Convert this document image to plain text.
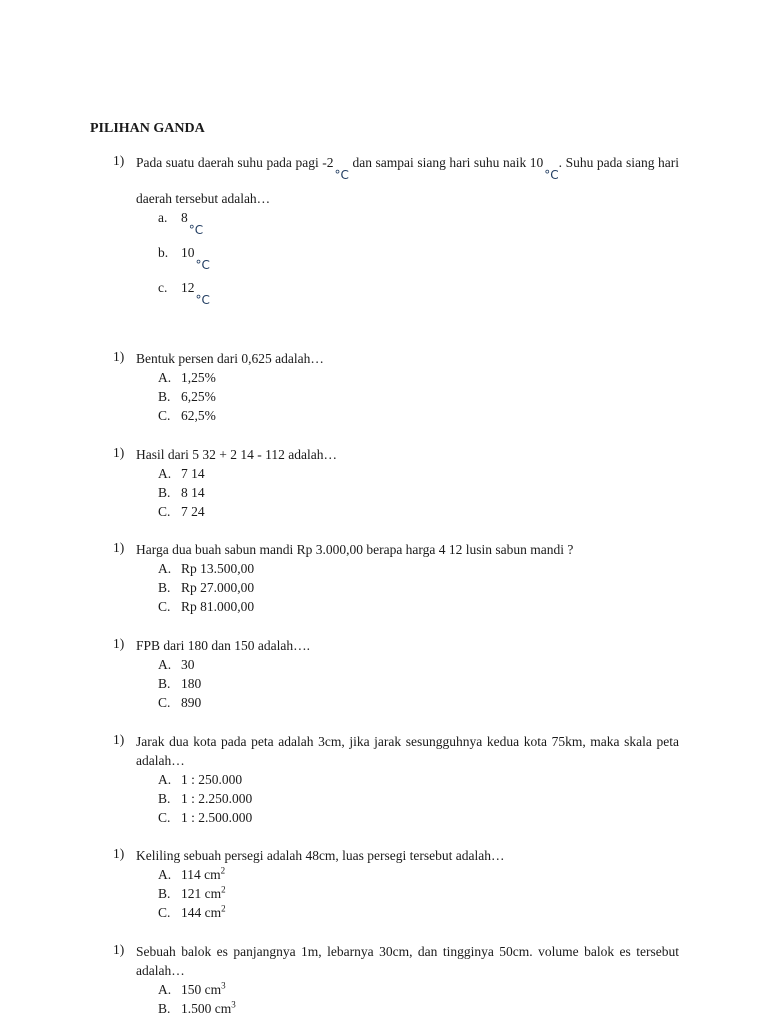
PILIHAN GANDA
1) Pada suatu daerah suhu pada pagi -2°C dan sampai siang hari suhu naik 10°C. Suhu pada siang hari daerah tersebut adalah…
a. 8°C
b. 10°C
c. 12°C
1) Bentuk persen dari 0,625 adalah…
A. 1,25%
B. 6,25%
C. 62,5%
1) Hasil dari 5 32 + 2 14 - 112 adalah…
A. 7 14
B. 8 14
C. 7 24
1) Harga dua buah sabun mandi Rp 3.000,00 berapa harga 4 12 lusin sabun mandi ?
A. Rp 13.500,00
B. Rp 27.000,00
C. Rp 81.000,00
1) FPB dari 180 dan 150 adalah….
A. 30
B. 180
C. 890
1) Jarak dua kota pada peta adalah 3cm, jika jarak sesungguhnya kedua kota 75km, maka skala peta adalah…
A. 1 : 250.000
B. 1 : 2.250.000
C. 1 : 2.500.000
1) Keliling sebuah persegi adalah 48cm, luas persegi tersebut adalah…
A. 114 $cm^2$
B. 121 $cm^2$
C. 144 $cm^2$
1) Sebuah balok es panjangnya 1m, lebarnya 30cm, dan tingginya 50cm. volume balok es tersebut adalah…
A. 150 $cm^3$
B. 1.500 $cm^3$
